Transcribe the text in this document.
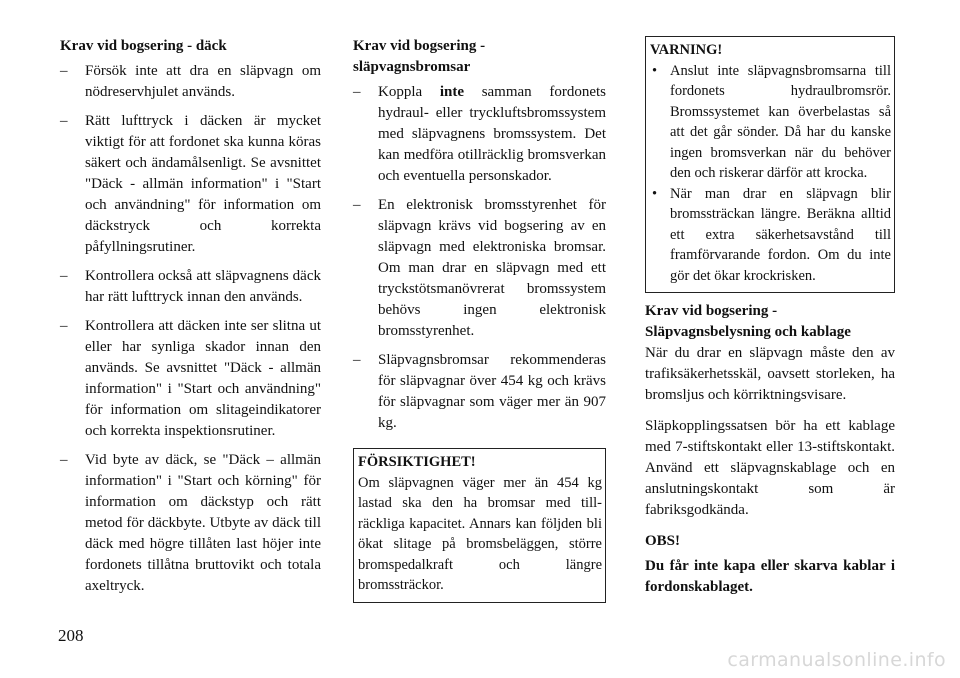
Krav vid bogsering - däck
– Försök inte att dra en släpvagn om nödreservhjulet används.
– Rätt lufttryck i däcken är mycket viktigt för att fordonet ska kunna köras säkert och ändamålsenligt. Se avsnittet "Däck - allmän information" i "Start och användning" för information om däckstryck och korrekta påfyllningsrutiner.
– Kontrollera också att släpvagnens däck har rätt lufttryck innan den används.
– Kontrollera att däcken inte ser slitna ut eller har synliga skador innan den används. Se avsnittet "Däck - allmän information" i "Start och användning" för information om slitageindikatorer och korrekta inspektionsrutiner.
– Vid byte av däck, se "Däck – allmän information" i "Start och körning" för information om däckstyp och rätt metod för däckbyte. Utbyte av däck till däck med högre tillåten last höjer inte fordonets tillåtna bruttovikt och totala axeltryck.
Krav vid bogsering - släpvagnsbromsar
– Koppla inte samman fordonets hydraul- eller tryckluftsbromssystem med släpvagnens bromssystem. Det kan medföra otillräcklig bromsverkan och eventuella personskador.
– En elektronisk bromsstyrenhet för släpvagn krävs vid bogsering av en släpvagn med elektroniska bromsar. Om man drar en släpvagn med ett tryckstötsmanövrerat bromssystem behövs ingen elektronisk bromsstyrenhet.
– Släpvagnsbromsar rekommenderas för släpvagnar över 454 kg och krävs för släpvagnar som väger mer än 907 kg.
FÖRSIKTIGHET!
Om släpvagnen väger mer än 454 kg lastad ska den ha bromsar med tillräckliga kapacitet. Annars kan följden bli ökat slitage på bromsbeläggen, större bromspedalkraft och längre bromssträckor.
VARNING!
• Anslut inte släpvagnsbromsarna till fordonets hydraulbromsrör. Bromssystemet kan överbelastas så att det går sönder. Då har du kanske ingen bromsverkan när du behöver den och riskerar därför att krocka.
• När man drar en släpvagn blir bromssträckan längre. Beräkna alltid ett extra säkerhetsavstånd till framförvarande fordon. Om du inte gör det ökar krockrisken.
Krav vid bogsering - Släpvagnsbelysning och kablage

När du drar en släpvagn måste den av trafiksäkerhetsskäl, oavsett storleken, ha bromsljus och körriktningsvisare.

Släpkopplingssatsen bör ha ett kablage med 7-stiftskontakt eller 13-stiftskontakt. Använd ett släpvagnskablage och en anslutningskontakt som är fabriksgodkända.

OBS!

Du får inte kapa eller skarva kablar i fordonskablaget.

208
carmanualsonline.info
